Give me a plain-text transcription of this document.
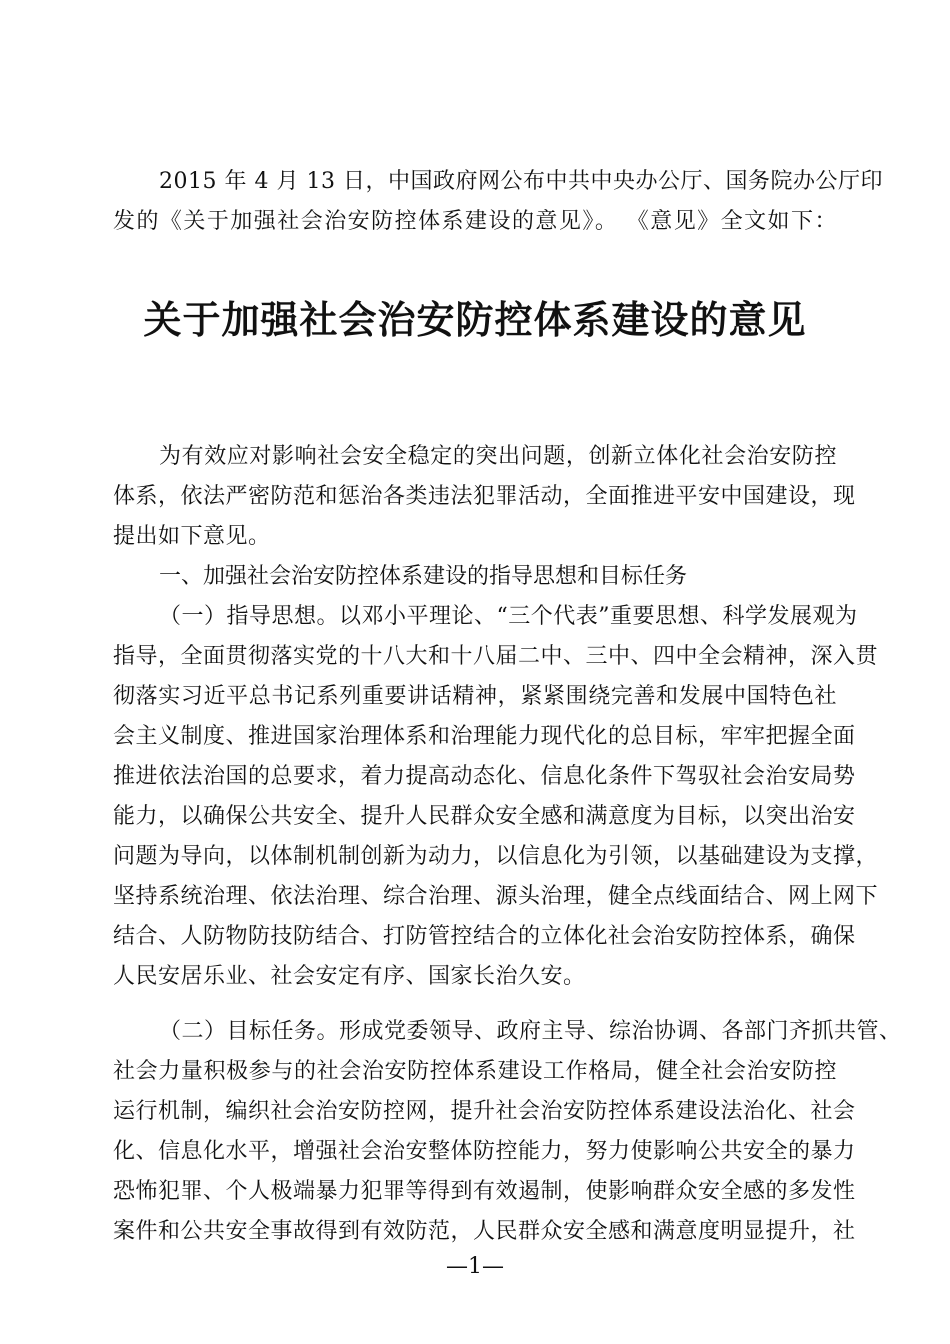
2015 年 4 月 13 日，中国政府网公布中共中央办公厅、国务院办公厅印
发的《关于加强社会治安防控体系建设的意见》。 《意见》全文如下：
关于加强社会治安防控体系建设的意见
为有效应对影响社会安全稳定的突出问题，创新立体化社会治安防控
体系，依法严密防范和惩治各类违法犯罪活动，全面推进平安中国建设，现
提出如下意见。
一、加强社会治安防控体系建设的指导思想和目标任务
（一）指导思想。以邓小平理论、“三个代表”重要思想、科学发展观为
指导，全面贯彻落实党的十八大和十八届二中、三中、四中全会精神，深入贯
彻落实习近平总书记系列重要讲话精神，紧紧围绕完善和发展中国特色社
会主义制度、推进国家治理体系和治理能力现代化的总目标，牢牢把握全面
推进依法治国的总要求，着力提高动态化、信息化条件下驾驭社会治安局势
能力，以确保公共安全、提升人民群众安全感和满意度为目标，以突出治安
问题为导向，以体制机制创新为动力，以信息化为引领，以基础建设为支撑，
坚持系统治理、依法治理、综合治理、源头治理，健全点线面结合、网上网下
结合、人防物防技防结合、打防管控结合的立体化社会治安防控体系，确保
人民安居乐业、社会安定有序、国家长治久安。
（二）目标任务。形成党委领导、政府主导、综治协调、各部门齐抓共管、
社会力量积极参与的社会治安防控体系建设工作格局，健全社会治安防控
运行机制，编织社会治安防控网，提升社会治安防控体系建设法治化、社会
化、信息化水平，增强社会治安整体防控能力，努力使影响公共安全的暴力
恐怖犯罪、个人极端暴力犯罪等得到有效遏制，使影响群众安全感的多发性
案件和公共安全事故得到有效防范，人民群众安全感和满意度明显提升，社
—1—
